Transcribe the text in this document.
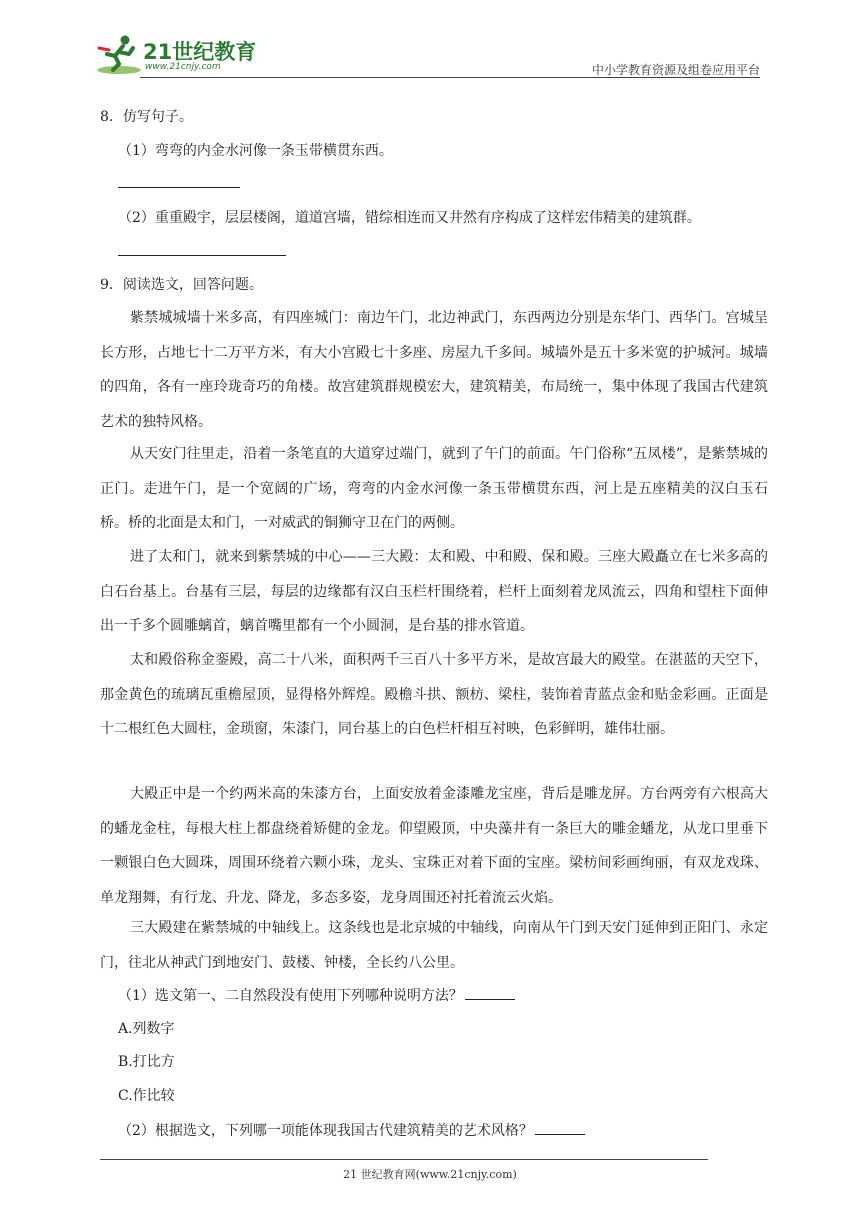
21世纪教育
www.21cnjy.com	中小学教育资源及组卷应用平台
8．仿写句子。
（1）弯弯的内金水河像一条玉带横贯东西。
（2）重重殿宇，层层楼阁，道道宫墙，错综相连而又井然有序构成了这样宏伟精美的建筑群。
9．阅读选文，回答问题。
紫禁城城墙十米多高，有四座城门：南边午门，北边神武门，东西两边分别是东华门、西华门。宫城呈长方形，占地七十二万平方米，有大小宫殿七十多座、房屋九千多间。城墙外是五十多米宽的护城河。城墙的四角，各有一座玲珑奇巧的角楼。故宫建筑群规模宏大，建筑精美，布局统一，集中体现了我国古代建筑艺术的独特风格。
从天安门往里走，沿着一条笔直的大道穿过端门，就到了午门的前面。午门俗称“五凤楼”，是紫禁城的正门。走进午门，是一个宽阔的广场，弯弯的内金水河像一条玉带横贯东西，河上是五座精美的汉白玉石桥。桥的北面是太和门，一对威武的铜狮守卫在门的两侧。
进了太和门，就来到紫禁城的中心——三大殿：太和殿、中和殿、保和殿。三座大殿矗立在七米多高的白石台基上。台基有三层，每层的边缘都有汉白玉栏杆围绕着，栏杆上面刻着龙凤流云，四角和望柱下面伸出一千多个圆雕螭首，螭首嘴里都有一个小圆洞，是台基的排水管道。
太和殿俗称金銮殿，高二十八米，面积两千三百八十多平方米，是故宫最大的殿堂。在湛蓝的天空下，那金黄色的琉璃瓦重檐屋顶，显得格外辉煌。殿檐斗拱、额枋、梁柱，装饰着青蓝点金和贴金彩画。正面是十二根红色大圆柱，金琐窗，朱漆门，同台基上的白色栏杆相互衬映，色彩鲜明，雄伟壮丽。
大殿正中是一个约两米高的朱漆方台，上面安放着金漆雕龙宝座，背后是雕龙屏。方台两旁有六根高大的蟠龙金柱，每根大柱上都盘绕着矫健的金龙。仰望殿顶，中央藻井有一条巨大的雕金蟠龙，从龙口里垂下一颗银白色大圆珠，周围环绕着六颗小珠，龙头、宝珠正对着下面的宝座。梁枋间彩画绚丽，有双龙戏珠、单龙翔舞，有行龙、升龙、降龙，多态多姿，龙身周围还衬托着流云火焰。
三大殿建在紫禁城的中轴线上。这条线也是北京城的中轴线，向南从午门到天安门延伸到正阳门、永定门，往北从神武门到地安门、鼓楼、钟楼，全长约八公里。
（1）选文第一、二自然段没有使用下列哪种说明方法？
A.列数字
B.打比方
C.作比较
（2）根据选文，下列哪一项能体现我国古代建筑精美的艺术风格？
21 世纪教育网(www.21cnjy.com)
